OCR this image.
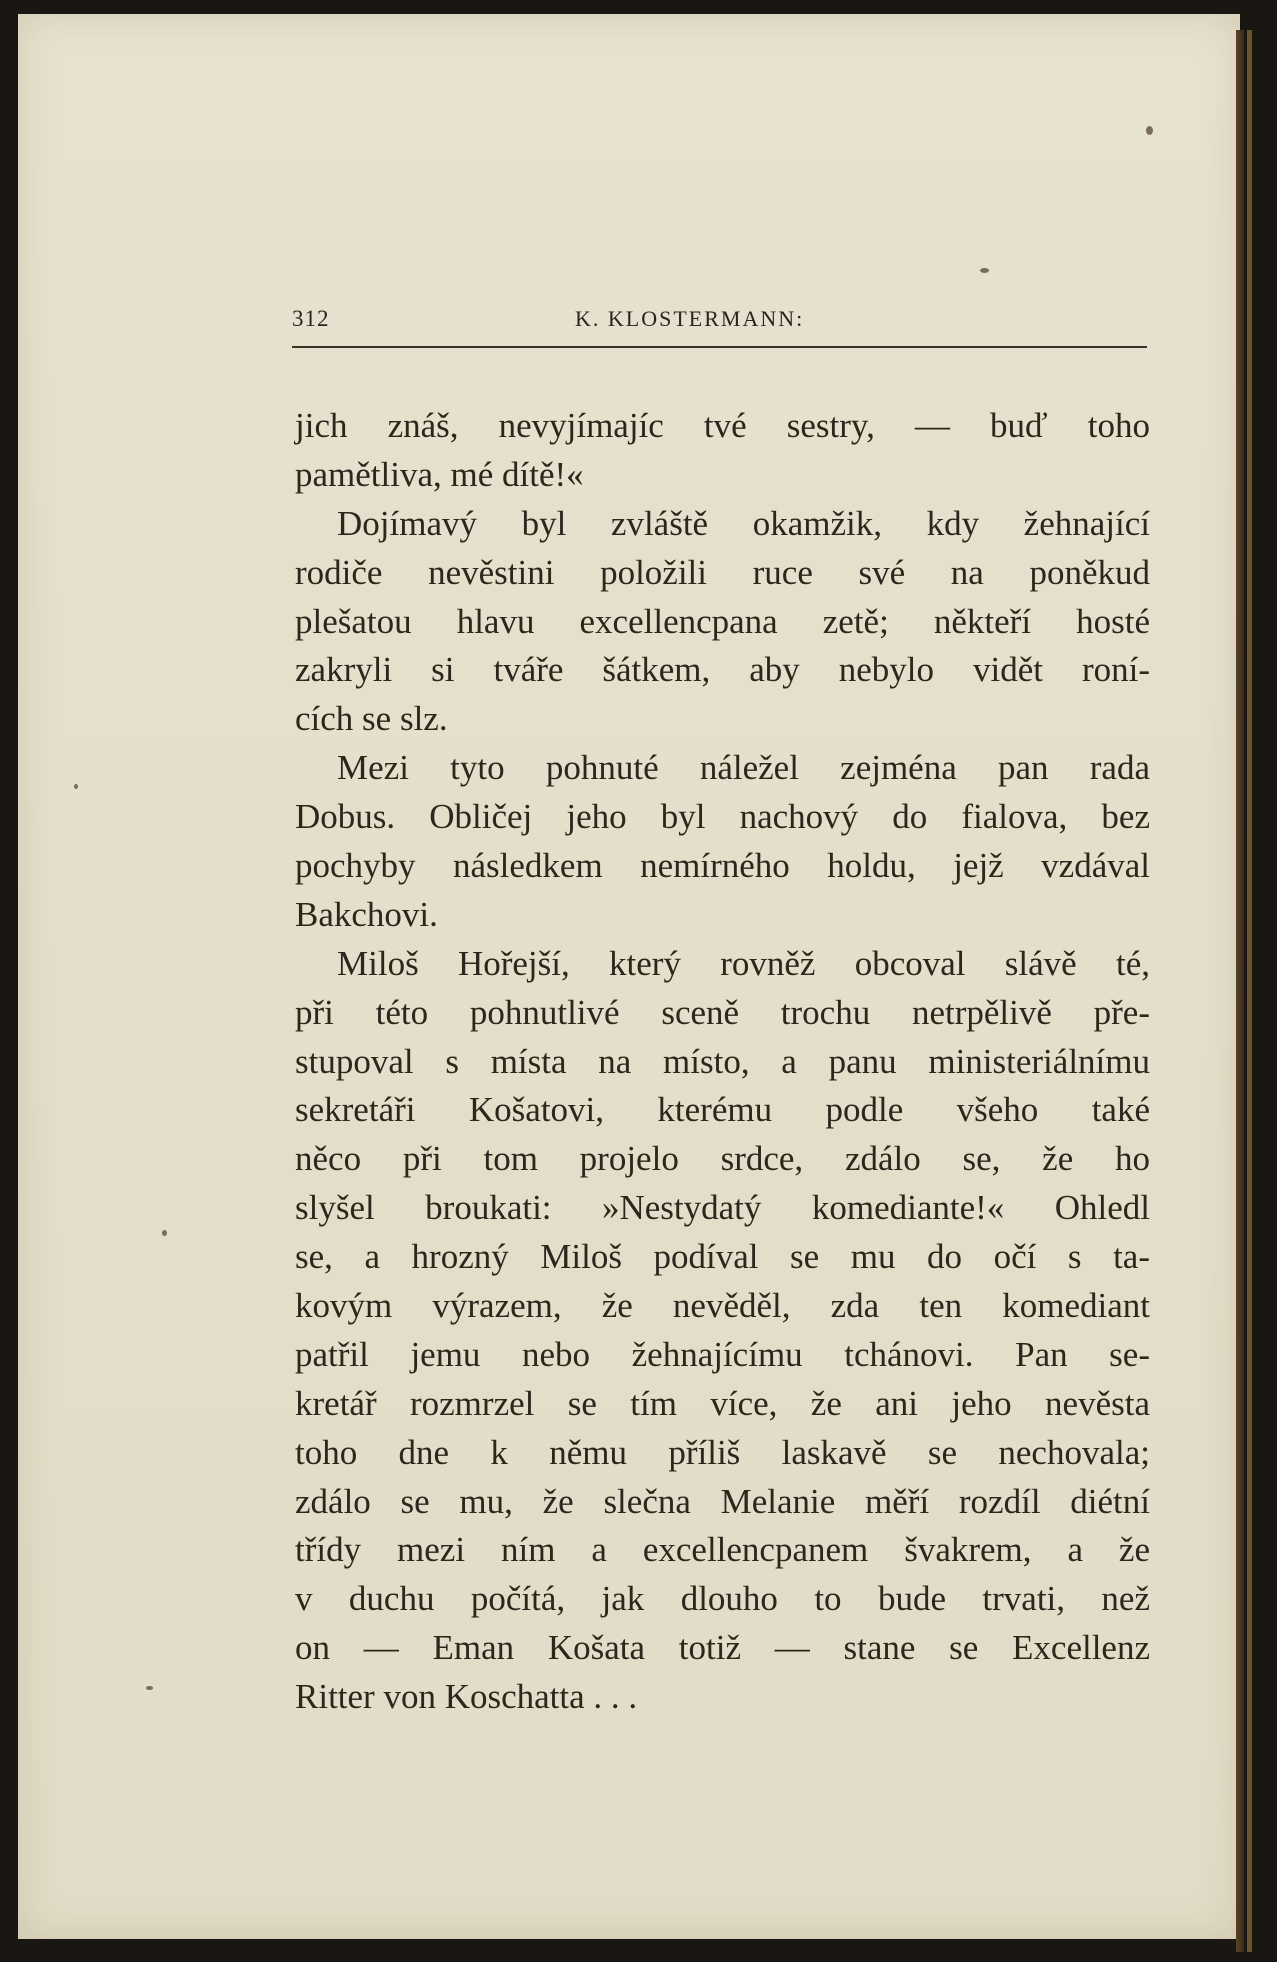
312	K. KLOSTERMANN:
jich znáš, nevyjímajíc tvé sestry, — buď toho
pamětliva, mé dítě!«
Dojímavý byl zvláště okamžik, kdy žehnající
rodiče nevěstini položili ruce své na poněkud
plešatou hlavu excellencpana zetě; někteří hosté
zakryli si tváře šátkem, aby nebylo vidět roní-
cích se slz.
Mezi tyto pohnuté náležel zejména pan rada
Dobus. Obličej jeho byl nachový do fialova, bez
pochyby následkem nemírného holdu, jejž vzdával
Bakchovi.
Miloš Hořejší, který rovněž obcoval slávě té,
při této pohnutlivé sceně trochu netrpělivě pře-
stupoval s místa na místo, a panu ministeriálnímu
sekretáři Košatovi, kterému podle všeho také
něco při tom projelo srdce, zdálo se, že ho
slyšel broukati: »Nestydatý komediante!« Ohledl
se, a hrozný Miloš podíval se mu do očí s ta-
kovým výrazem, že nevěděl, zda ten komediant
patřil jemu nebo žehnajícímu tchánovi. Pan se-
kretář rozmrzel se tím více, že ani jeho nevěsta
toho dne k němu příliš laskavě se nechovala;
zdálo se mu, že slečna Melanie měří rozdíl diétní
třídy mezi ním a excellencpanem švakrem, a že
v duchu počítá, jak dlouho to bude trvati, než
on — Eman Košata totiž — stane se Excellenz
Ritter von Koschatta . . .
